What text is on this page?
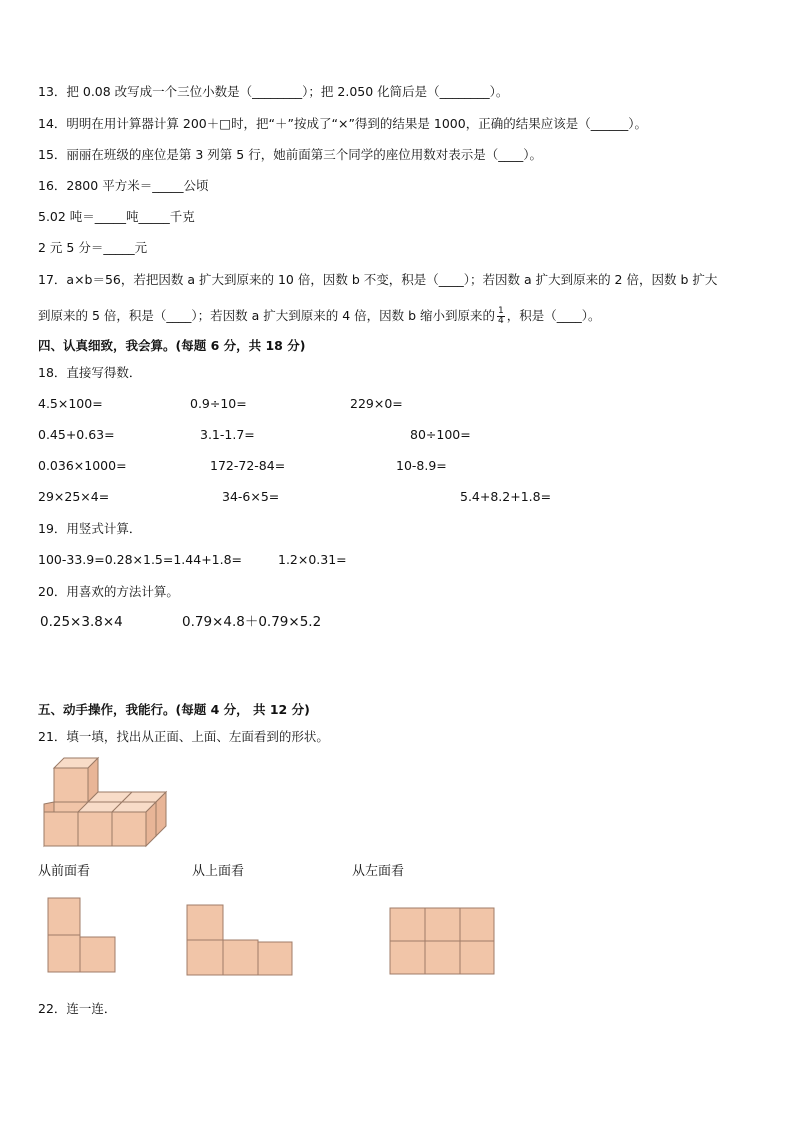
13．把 0.08 改写成一个三位小数是（________）；把 2.050 化简后是（________）。
14．明明在用计算器计算 200＋□时，把“＋”按成了“×”得到的结果是 1000，正确的结果应该是（______）。
15．丽丽在班级的座位是第 3 列第 5 行，她前面第三个同学的座位用数对表示是（____）。
16．2800 平方米＝_____公顷
5.02 吨＝_____吨_____千克
2 元 5 分＝_____元
17．a×b＝56，若把因数 a 扩大到原来的 10 倍，因数 b 不变，积是（____）；若因数 a 扩大到原来的 2 倍，因数 b 扩大
到原来的 5 倍，积是（____）；若因数 a 扩大到原来的 4 倍，因数 b 缩小到原来的 $\frac{1}{4}$ ，积是（____）。
四、认真细致，我会算。(每题 6 分，共 18 分)
18．直接写得数．
4.5×100=	0.9÷10=	229×0=
0.45+0.63=	3.1-1.7=	80÷100=
0.036×1000=	172-72-84=	10-8.9=
29×25×4=	34-6×5=	5.4+8.2+1.8=
19．用竖式计算．
100-33.9=0.28×1.5=1.44+1.8=	1.2×0.31=
20．用喜欢的方法计算。
0.25×3.8×4	0.79×4.8＋0.79×5.2
五、动手操作，我能行。(每题 4 分， 共 12 分)
21．填一填，找出从正面、上面、左面看到的形状。
从前面看	从上面看	从左面看
22．连一连．
